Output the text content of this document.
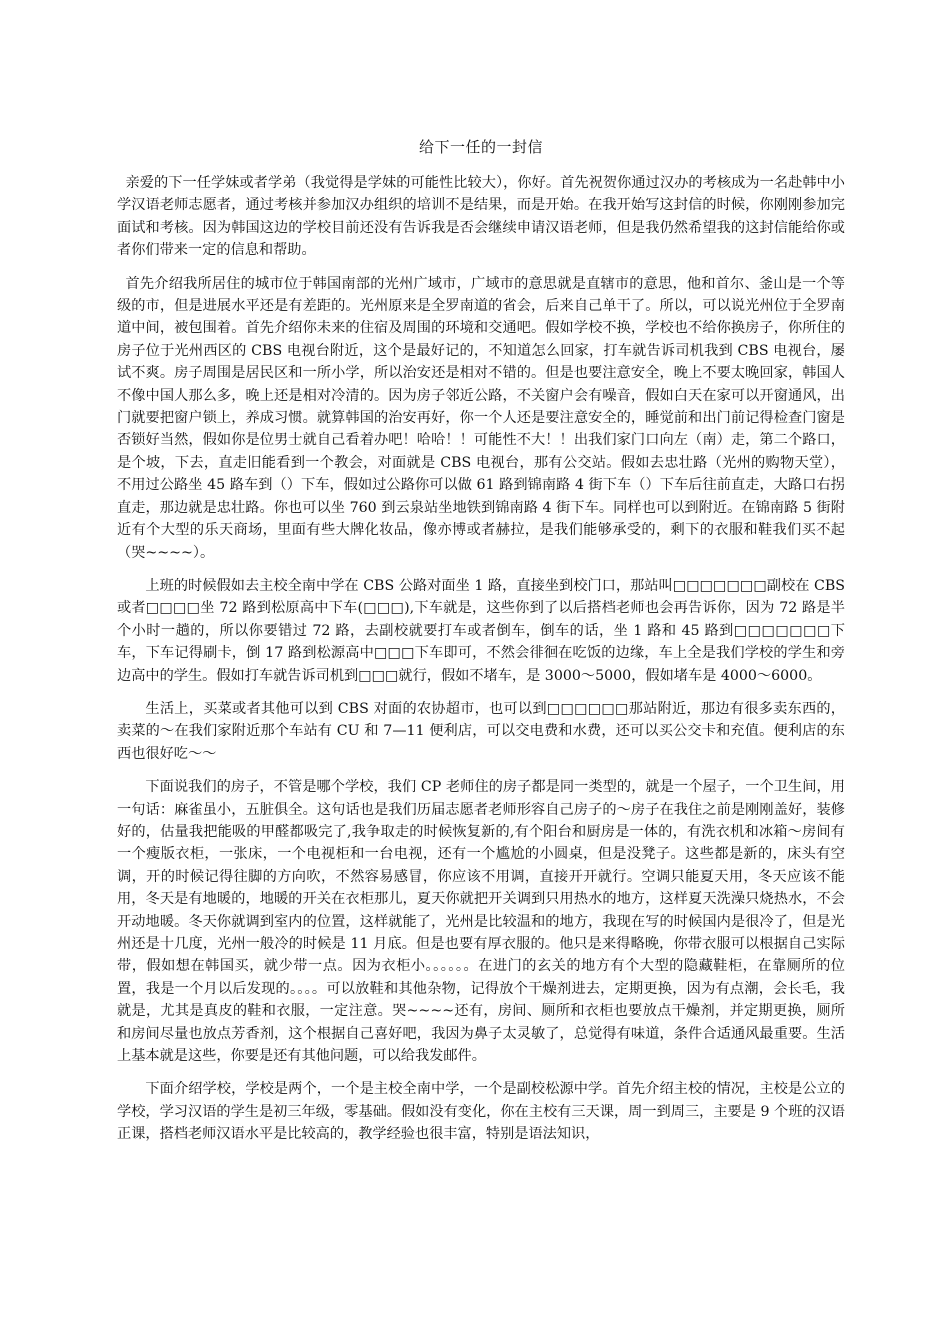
给下一任的一封信

亲爱的下一任学妹或者学弟（我觉得是学妹的可能性比较大），你好。首先祝贺你通过汉办的考核成为一名赴韩中小学汉语老师志愿者，通过考核并参加汉办组织的培训不是结果，而是开始。在我开始写这封信的时候，你刚刚参加完面试和考核。因为韩国这边的学校目前还没有告诉我是否会继续申请汉语老师，但是我仍然希望我的这封信能给你或者你们带来一定的信息和帮助。

首先介绍我所居住的城市位于韩国南部的光州广域市，广域市的意思就是直辖市的意思，他和首尔、釜山是一个等级的市，但是进展水平还是有差距的。光州原来是全罗南道的省会，后来自己单干了。所以，可以说光州位于全罗南道中间，被包围着。首先介绍你未来的住宿及周围的环境和交通吧。假如学校不换，学校也不给你换房子，你所住的房子位于光州西区的 CBS 电视台附近，这个是最好记的，不知道怎么回家，打车就告诉司机我到 CBS 电视台，屡试不爽。房子周围是居民区和一所小学，所以治安还是相对不错的。但是也要注意安全，晚上不要太晚回家，韩国人不像中国人那么多，晚上还是相对冷清的。因为房子邻近公路，不关窗户会有噪音，假如白天在家可以开窗通风，出门就要把窗户锁上，养成习惯。就算韩国的治安再好，你一个人还是要注意安全的，睡觉前和出门前记得检查门窗是否锁好当然，假如你是位男士就自己看着办吧！哈哈！！可能性不大！！出我们家门口向左（南）走，第二个路口，是个坡，下去，直走旧能看到一个教会，对面就是 CBS 电视台，那有公交站。假如去忠壮路（光州的购物天堂），不用过公路坐 45 路车到（）下车，假如过公路你可以做 61 路到锦南路 4 街下车（）下车后往前直走，大路口右拐直走，那边就是忠壮路。你也可以坐 760 到云泉站坐地铁到锦南路 4 街下车。同样也可以到附近。在锦南路 5 街附近有个大型的乐天商场，里面有些大牌化妆品，像亦博或者赫拉，是我们能够承受的，剩下的衣服和鞋我们买不起（哭~~~~）。

上班的时候假如去主校全南中学在 CBS 公路对面坐 1 路，直接坐到校门口，那站叫□□□□□□□副校在 CBS 或者□□□□坐 72 路到松原高中下车(□□□),下车就是，这些你到了以后搭档老师也会再告诉你，因为 72 路是半个小时一趟的，所以你要错过 72 路，去副校就要打车或者倒车，倒车的话，坐 1 路和 45 路到□□□□□□□下车，下车记得刷卡，倒 17 路到松源高中□□□下车即可，不然会徘徊在吃饭的边缘，车上全是我们学校的学生和旁边高中的学生。假如打车就告诉司机到□□□就行，假如不堵车，是 3000～5000，假如堵车是 4000～6000。

生活上，买菜或者其他可以到 CBS 对面的农协超市，也可以到□□□□□□那站附近，那边有很多卖东西的，卖菜的～在我们家附近那个车站有 CU 和 7—11 便利店，可以交电费和水费，还可以买公交卡和充值。便利店的东西也很好吃～～

下面说我们的房子，不管是哪个学校，我们 CP 老师住的房子都是同一类型的，就是一个屋子，一个卫生间，用一句话：麻雀虽小，五脏俱全。这句话也是我们历届志愿者老师形容自己房子的～房子在我住之前是刚刚盖好，装修好的，估量我把能吸的甲醛都吸完了,我争取走的时候恢复新的,有个阳台和厨房是一体的，有洗衣机和冰箱～房间有一个瘦版衣柜，一张床，一个电视柜和一台电视，还有一个尴尬的小圆桌，但是没凳子。这些都是新的，床头有空调，开的时候记得往脚的方向吹，不然容易感冒，你应该不用调，直接开开就行。空调只能夏天用，冬天应该不能用，冬天是有地暖的，地暖的开关在衣柜那儿，夏天你就把开关调到只用热水的地方，这样夏天洗澡只烧热水，不会开动地暖。冬天你就调到室内的位置，这样就能了，光州是比较温和的地方，我现在写的时候国内是很冷了，但是光州还是十几度，光州一般冷的时候是 11 月底。但是也要有厚衣服的。他只是来得略晚，你带衣服可以根据自己实际带，假如想在韩国买，就少带一点。因为衣柜小。。。。。。在进门的玄关的地方有个大型的隐藏鞋柜，在靠厕所的位置，我是一个月以后发现的。。。。可以放鞋和其他杂物，记得放个干燥剂进去，定期更换，因为有点潮，会长毛，我就是，尤其是真皮的鞋和衣服，一定注意。哭~~~~还有，房间、厕所和衣柜也要放点干燥剂，并定期更换，厕所和房间尽量也放点芳香剂，这个根据自己喜好吧，我因为鼻子太灵敏了，总觉得有味道，条件合适通风最重要。生活上基本就是这些，你要是还有其他问题，可以给我发邮件。

下面介绍学校，学校是两个，一个是主校全南中学，一个是副校松源中学。首先介绍主校的情况，主校是公立的学校，学习汉语的学生是初三年级，零基础。假如没有变化，你在主校有三天课，周一到周三，主要是 9 个班的汉语正课，搭档老师汉语水平是比较高的，教学经验也很丰富，特别是语法知识，
